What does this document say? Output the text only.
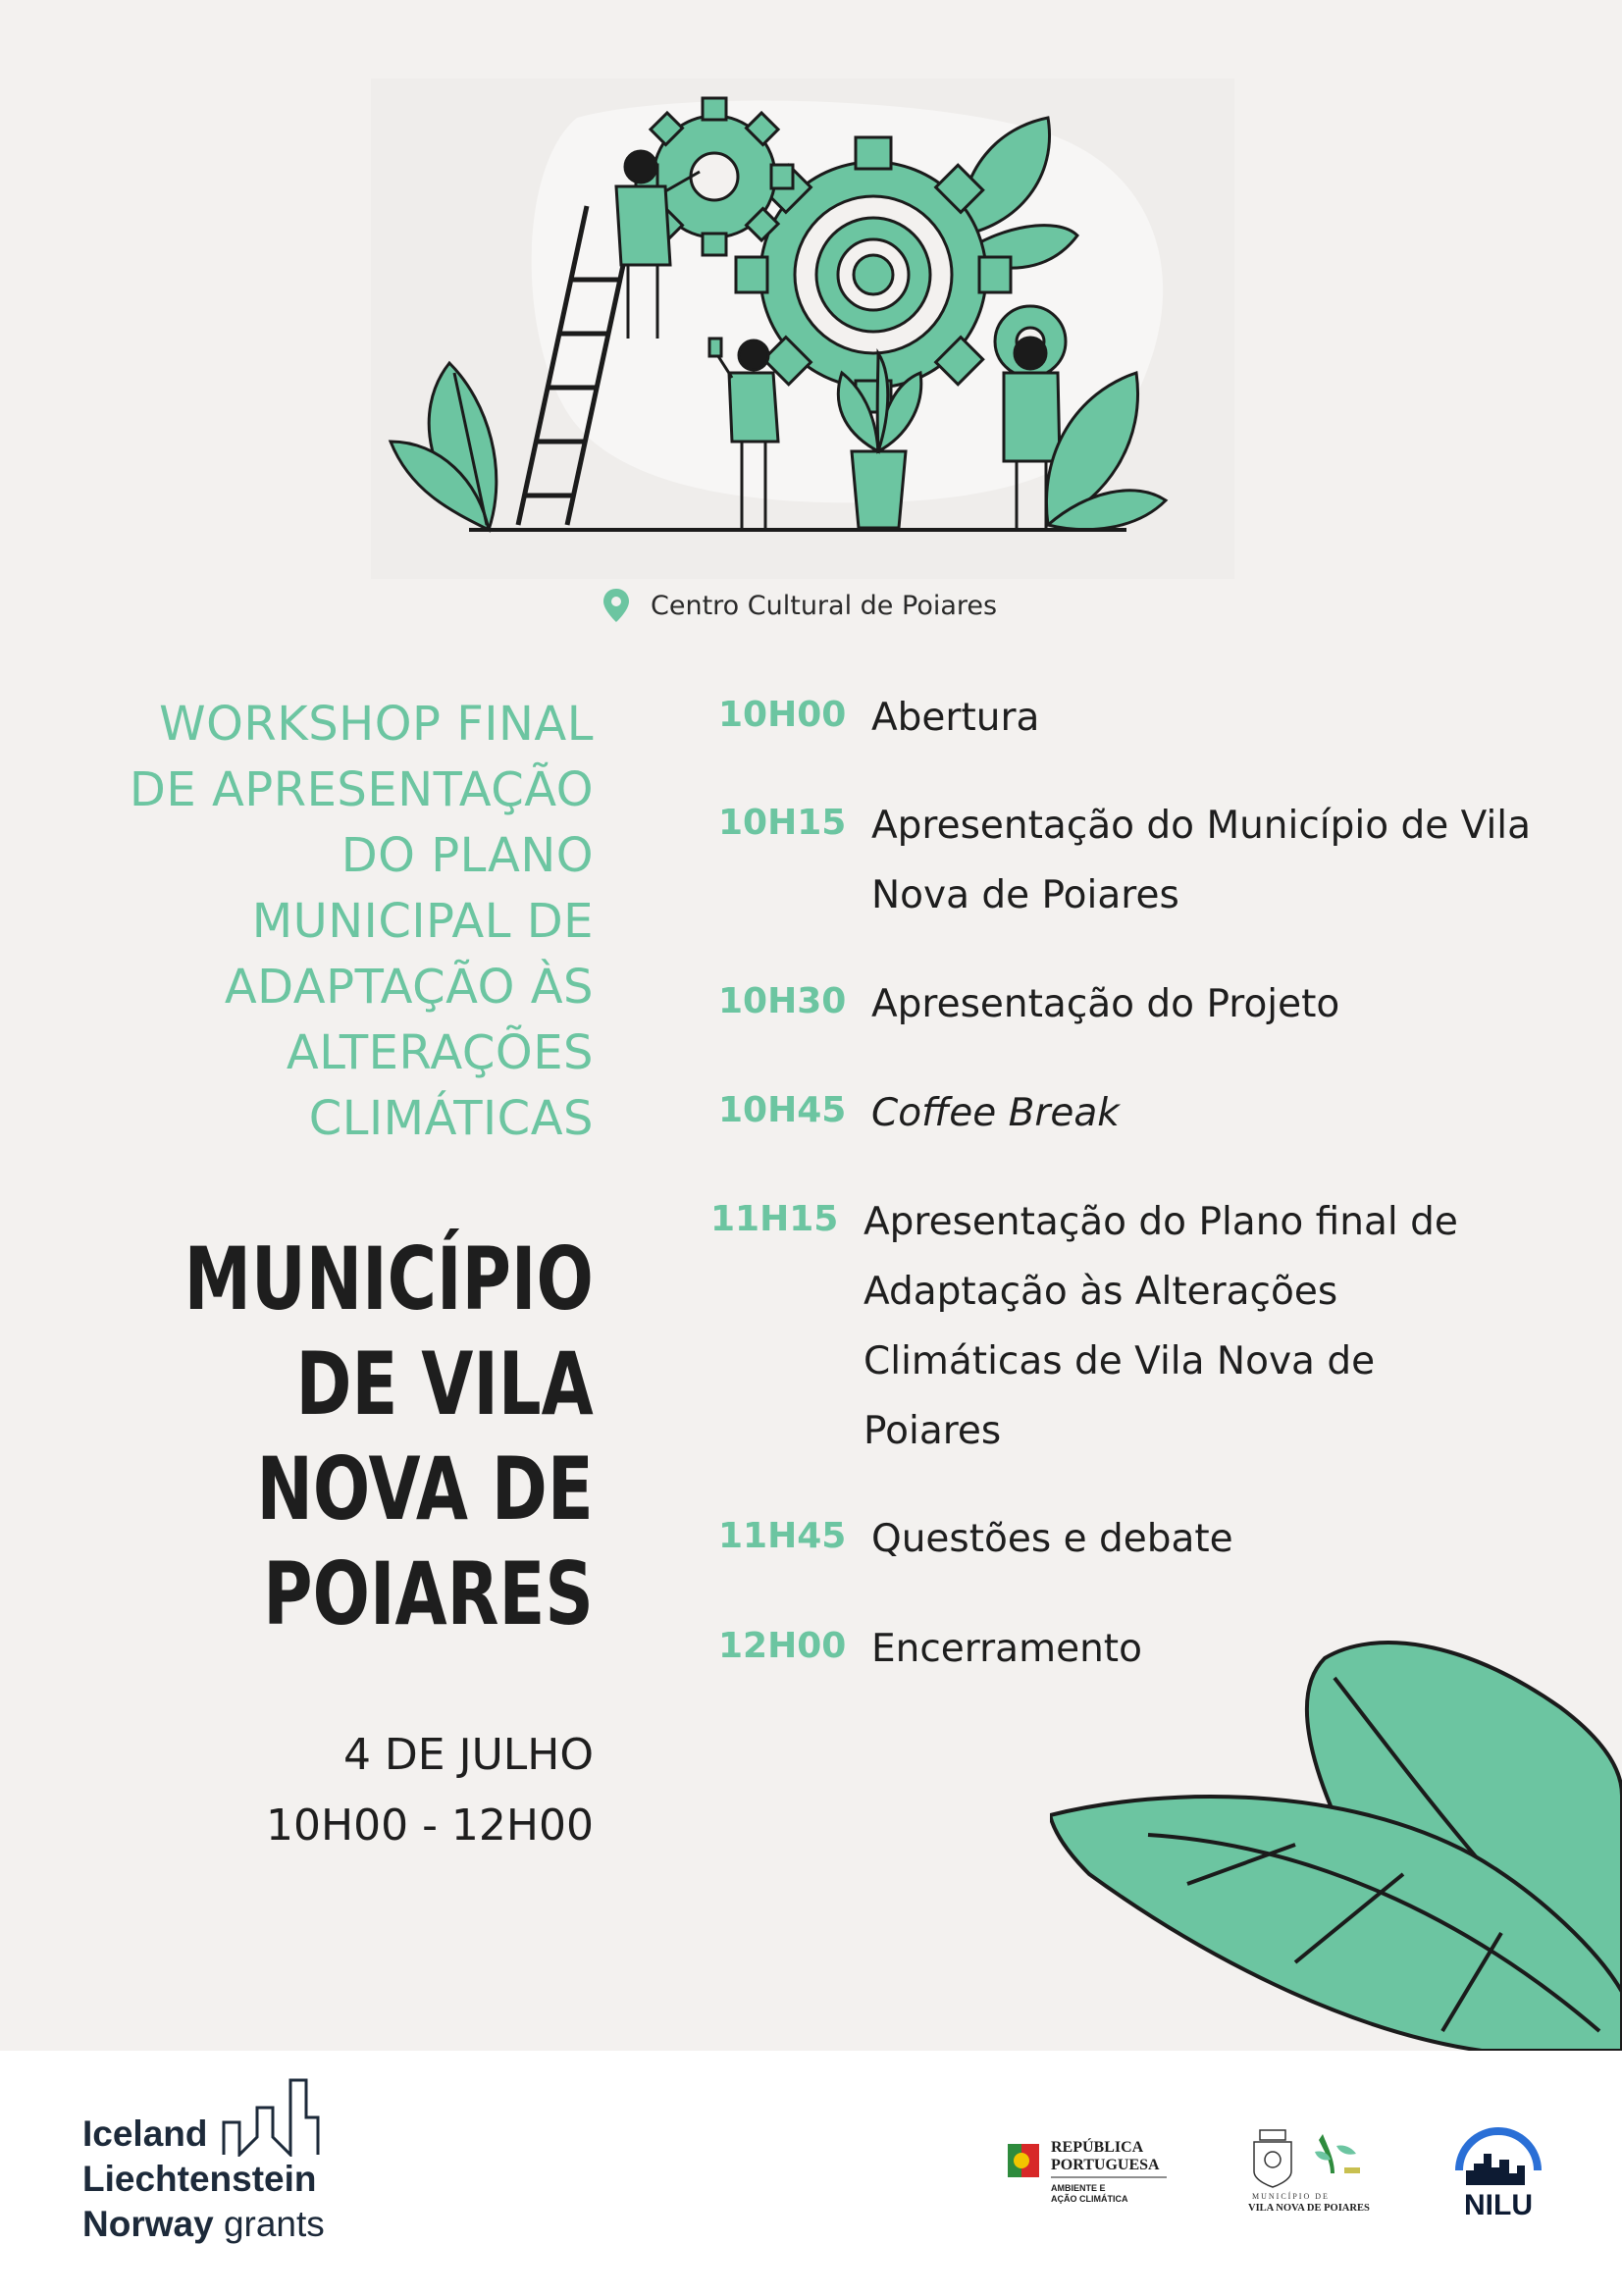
Centro Cultural de Poiares
WORKSHOP FINAL
DE APRESENTAÇÃO
DO PLANO
MUNICIPAL DE
ADAPTAÇÃO ÀS
ALTERAÇÕES
CLIMÁTICAS
MUNICÍPIO
DE VILA
NOVA DE
POIARES
4 DE JULHO
10H00 - 12H00
10H00 Abertura
10H15 Apresentação do Município de Vila
Nova de Poiares
10H30 Apresentação do Projeto
10H45 Coffee Break
11H15 Apresentação do Plano final de
Adaptação às Alterações
Climáticas de Vila Nova de
Poiares
11H45 Questões e debate
12H00 Encerramento
Iceland
Liechtenstein
Norway grants
REPÚBLICA
PORTUGUESA
AMBIENTE E
AÇÃO CLIMÁTICA	MUNICÍPIO DE
VILA NOVA DE POIARES	NILU
